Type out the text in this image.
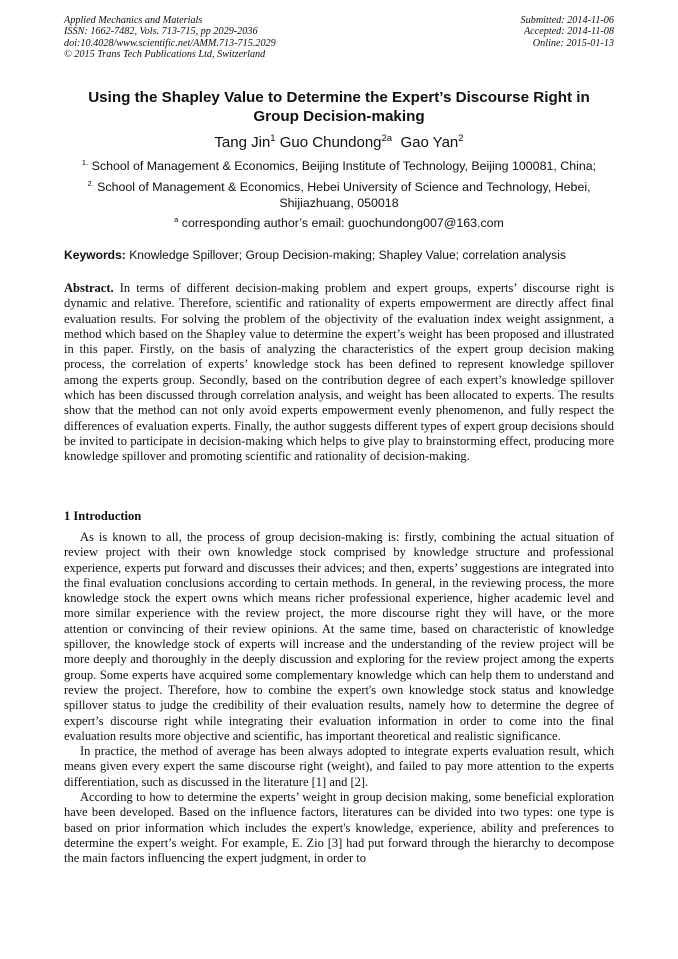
Applied Mechanics and Materials
ISSN: 1662-7482, Vols. 713-715, pp 2029-2036
doi:10.4028/www.scientific.net/AMM.713-715.2029
© 2015 Trans Tech Publications Ltd, Switzerland
Submitted: 2014-11-06
Accepted: 2014-11-08
Online: 2015-01-13
Using the Shapley Value to Determine the Expert’s Discourse Right in
Group Decision-making
Tang Jin$^1$ Guo Chundong$^{2a}$ Gao Yan$^2$
$^{1.}$ School of Management & Economics, Beijing Institute of Technology, Beijing 100081, China;
$^{2.}$ School of Management & Economics, Hebei University of Science and Technology, Hebei, Shijiazhuang, 050018
$^a$ corresponding author’s email: guochundong007@163.com
Keywords: Knowledge Spillover; Group Decision-making; Shapley Value; correlation analysis
Abstract. In terms of different decision-making problem and expert groups, experts’ discourse right is dynamic and relative. Therefore, scientific and rationality of experts empowerment are directly affect final evaluation results. For solving the problem of the objectivity of the evaluation index weight assignment, a method which based on the Shapley value to determine the expert’s weight has been proposed and illustrated in this paper. Firstly, on the basis of analyzing the characteristics of the expert group decision making process, the correlation of experts’ knowledge stock has been defined to represent knowledge spillover among the experts group. Secondly, based on the contribution degree of each expert’s knowledge spillover which has been discussed through correlation analysis, and weight has been allocated to experts. The results show that the method can not only avoid experts empowerment evenly phenomenon, and fully respect the differences of evaluation experts. Finally, the author suggests different types of expert group decisions should be invited to participate in decision-making which helps to give play to brainstorming effect, producing more knowledge spillover and promoting scientific and rationality of decision-making.
1 Introduction

As is known to all, the process of group decision-making is: firstly, combining the actual situation of review project with their own knowledge stock comprised by knowledge structure and professional experience, experts put forward and discusses their advices; and then, experts’ suggestions are integrated into the final evaluation conclusions according to certain methods. In general, in the reviewing process, the more knowledge stock the expert owns which means richer professional experience, higher academic level and more similar experience with the review project, the more discourse right they will have, or the more attention or convincing of their review opinions. At the same time, based on characteristic of knowledge spillover, the knowledge stock of experts will increase and the understanding of the review project will be more deeply and thoroughly in the deeply discussion and exploring for the review project among the experts group. Some experts have acquired some complementary knowledge which can help them to understand and review the project. Therefore, how to combine the expert's own knowledge stock status and knowledge spillover status to judge the credibility of their evaluation results, namely how to determine the degree of expert’s discourse right while integrating their evaluation information in order to come into the final evaluation results more objective and scientific, has important theoretical and realistic significance.

In practice, the method of average has been always adopted to integrate experts evaluation result, which means given every expert the same discourse right (weight), and failed to pay more attention to the experts differentiation, such as discussed in the literature [1] and [2].

According to how to determine the experts’ weight in group decision making, some beneficial exploration have been developed. Based on the influence factors, literatures can be divided into two types: one type is based on prior information which includes the expert's knowledge, experience, ability and preferences to determine the expert’s weight. For example, E. Zio [3] had put forward through the hierarchy to decompose the main factors influencing the expert judgment, in order to
